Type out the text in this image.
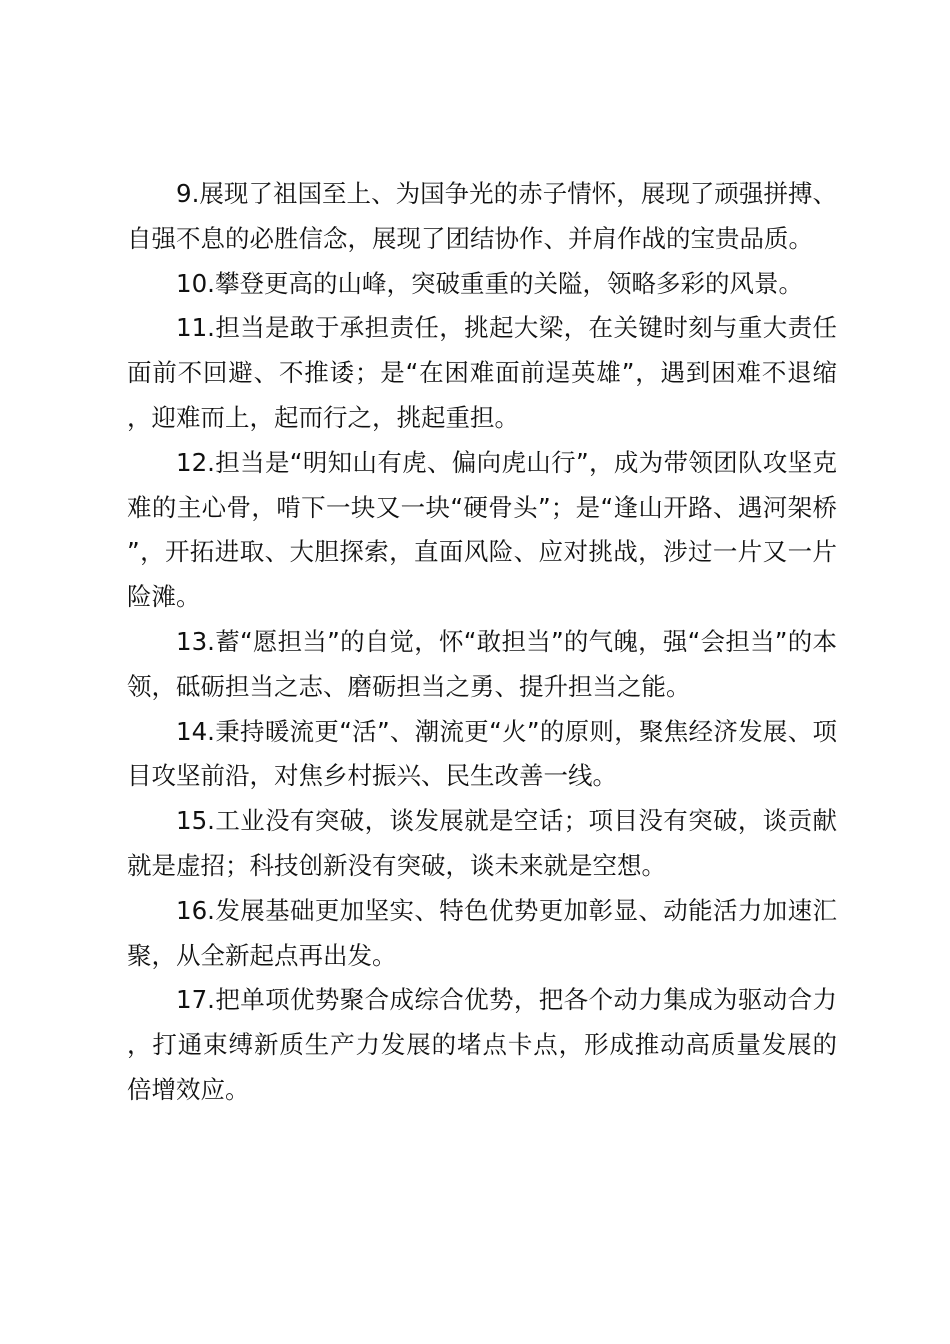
9.展现了祖国至上、为国争光的赤子情怀，展现了顽强拼搏、自强不息的必胜信念，展现了团结协作、并肩作战的宝贵品质。

10.攀登更高的山峰，突破重重的关隘，领略多彩的风景。

11.担当是敢于承担责任，挑起大梁，在关键时刻与重大责任面前不回避、不推诿；是“在困难面前逞英雄”，遇到困难不退缩，迎难而上，起而行之，挑起重担。

12.担当是“明知山有虎、偏向虎山行”，成为带领团队攻坚克难的主心骨，啃下一块又一块“硬骨头”；是“逢山开路、遇河架桥”，开拓进取、大胆探索，直面风险、应对挑战，涉过一片又一片险滩。

13.蓄“愿担当”的自觉，怀“敢担当”的气魄，强“会担当”的本领，砥砺担当之志、磨砺担当之勇、提升担当之能。

14.秉持暖流更“活”、潮流更“火”的原则，聚焦经济发展、项目攻坚前沿，对焦乡村振兴、民生改善一线。

15.工业没有突破，谈发展就是空话；项目没有突破，谈贡献就是虚招；科技创新没有突破，谈未来就是空想。

16.发展基础更加坚实、特色优势更加彰显、动能活力加速汇聚，从全新起点再出发。

17.把单项优势聚合成综合优势，把各个动力集成为驱动合力，打通束缚新质生产力发展的堵点卡点，形成推动高质量发展的倍增效应。
